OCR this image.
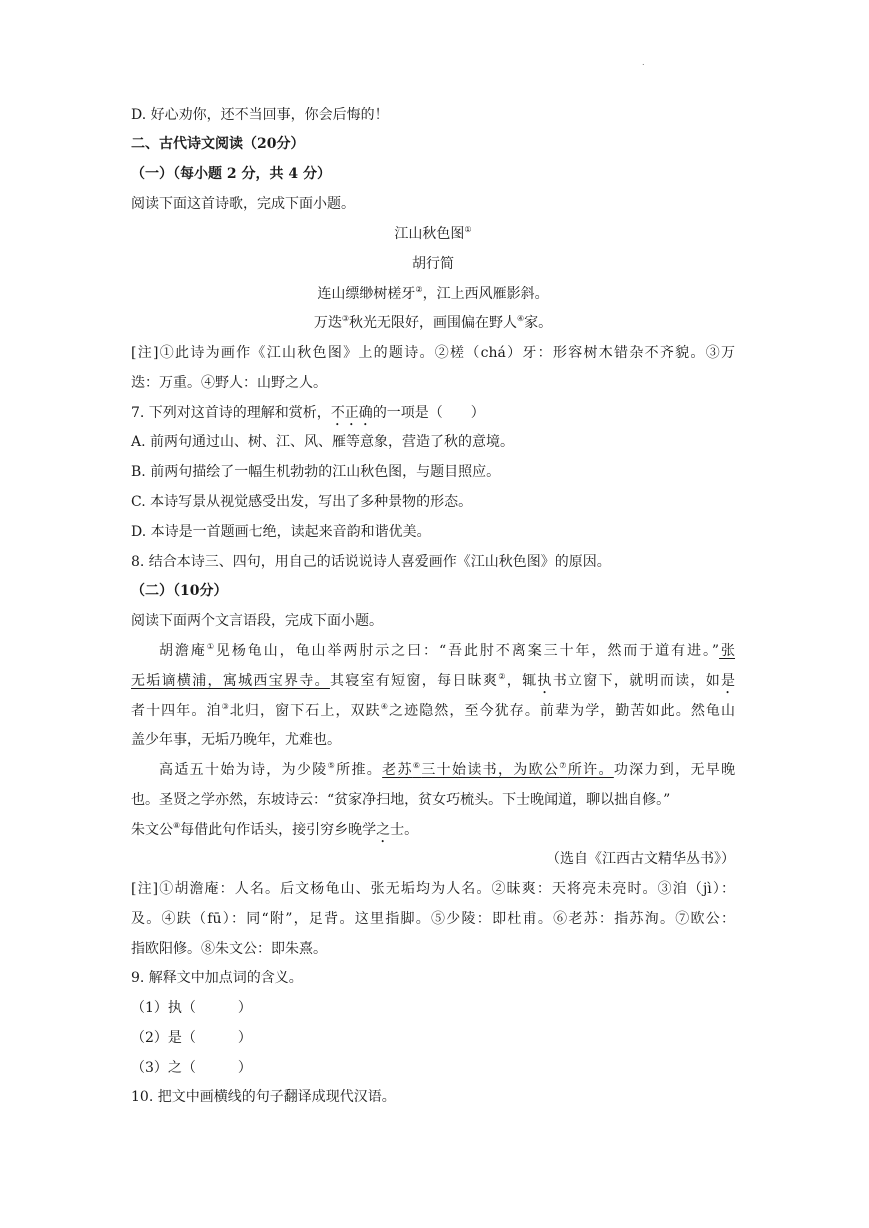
.
D. 好心劝你，还不当回事，你会后悔的！
二、古代诗文阅读（20分）
（一）（每小题 2 分，共 4 分）
阅读下面这首诗歌，完成下面小题。
江山秋色图①
胡行简
连山缥缈树槎牙②，江上西风雁影斜。
万迭③秋光无限好，画围偏在野人④家。
[注]①此诗为画作《江山秋色图》上的题诗。②槎（chá）牙：形容树木错杂不齐貌。③万
迭：万重。④野人：山野之人。
7. 下列对这首诗的理解和赏析，不正确的一项是（　　）
A. 前两句通过山、树、江、风、雁等意象，营造了秋的意境。
B. 前两句描绘了一幅生机勃勃的江山秋色图，与题目照应。
C. 本诗写景从视觉感受出发，写出了多种景物的形态。
D. 本诗是一首题画七绝，读起来音韵和谐优美。
8. 结合本诗三、四句，用自己的话说说诗人喜爱画作《江山秋色图》的原因。
（二）（10分）
阅读下面两个文言语段，完成下面小题。
胡澹庵①见杨龟山，龟山举两肘示之曰：“吾此肘不离案三十年，然而于道有进。”张
无垢谪横浦，寓城西宝界寺。其寝室有短窗，每日昧爽②，辄执书立窗下，就明而读，如是
者十四年。洎③北归，窗下石上，双趺④之迹隐然，至今犹存。前辈为学，勤苦如此。然龟山
盖少年事，无垢乃晚年，尤难也。
高适五十始为诗，为少陵⑤所推。老苏⑥三十始读书，为欧公⑦所许。功深力到，无早晚
也。圣贤之学亦然，东坡诗云：“贫家净扫地，贫女巧梳头。下士晚闻道，聊以拙自修。”
朱文公⑧每借此句作话头，接引穷乡晚学之士。
（选自《江西古文精华丛书》）
[注]①胡澹庵：人名。后文杨龟山、张无垢均为人名。②昧爽：天将亮未亮时。③洎（jì）：
及。④趺（fū）：同“附”，足背。这里指脚。⑤少陵：即杜甫。⑥老苏：指苏洵。⑦欧公：
指欧阳修。⑧朱文公：即朱熹。
9. 解释文中加点词的含义。
（1）执（　　　）
（2）是（　　　）
（3）之（　　　）
10. 把文中画横线的句子翻译成现代汉语。
